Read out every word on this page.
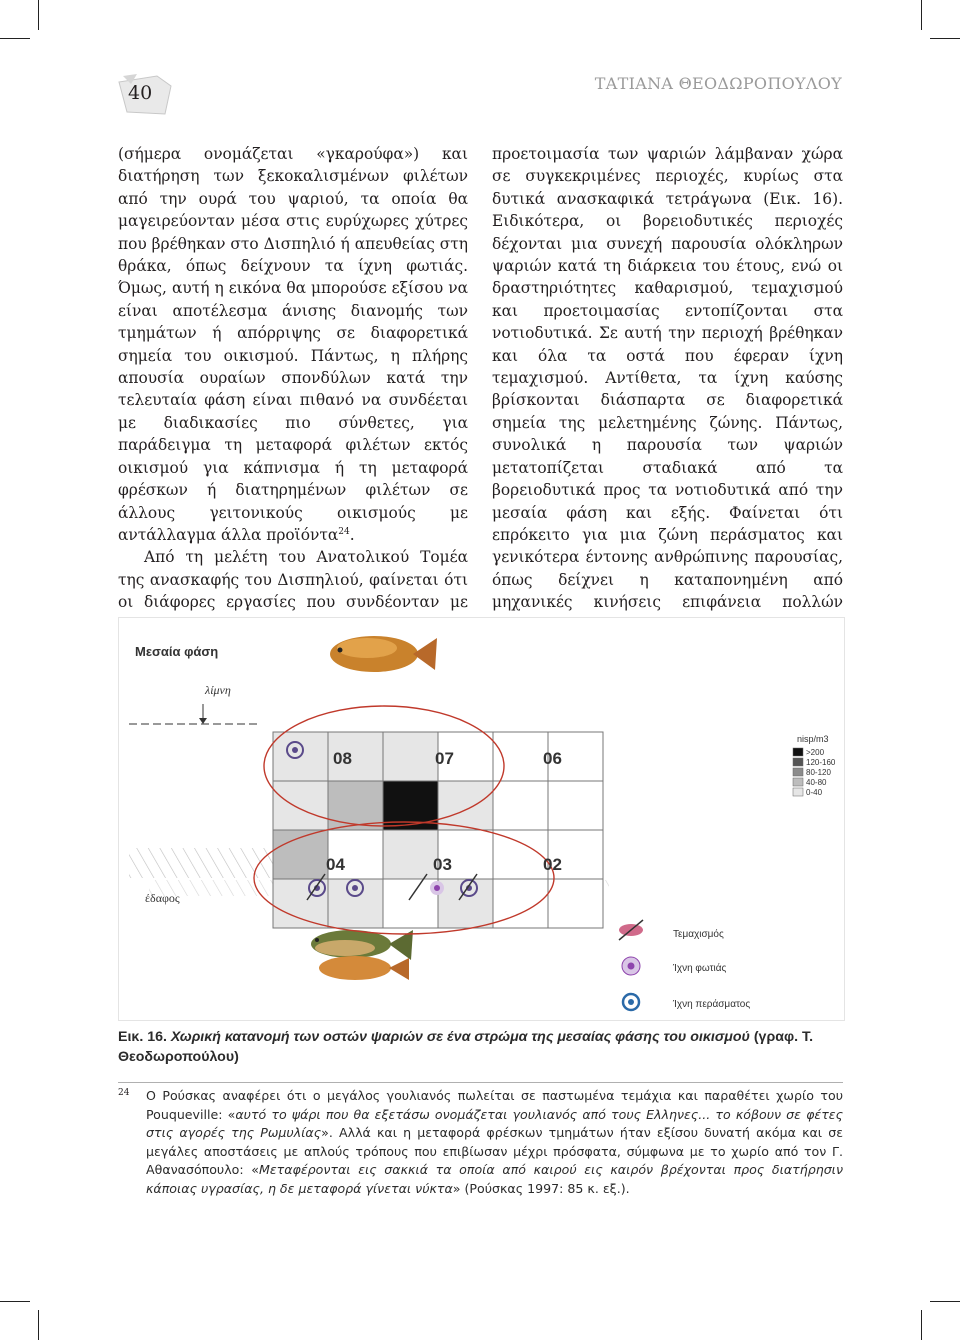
40	ΤΑΤΙΑΝΑ ΘΕΟΔΩΡΟΠΟΥΛΟΥ

(σήμερα ονομάζεται «γκαρούφα») και διατήρηση των ξεκοκαλισμένων φιλέτων από την ουρά του ψαριού, τα οποία θα μαγειρεύονταν μέσα στις ευρύχωρες χύτρες που βρέθηκαν στο Δισπηλιό ή απευθείας στη θράκα, όπως δείχνουν τα ίχνη φωτιάς. Όμως, αυτή η εικόνα θα μπορούσε εξίσου να είναι αποτέλεσμα άνισης διανομής των τμημάτων ή απόρριψης σε διαφορετικά σημεία του οικισμού. Πάντως, η πλήρης απουσία ουραίων σπονδύλων κατά την τελευταία φάση είναι πιθανό να συνδέεται με διαδικασίες πιο σύνθετες, για παράδειγμα τη μεταφορά φιλέτων εκτός οικισμού για κάπνισμα ή τη μεταφορά φρέσκων ή διατηρημένων φιλέτων σε άλλους γειτονικούς οικισμούς με αντάλλαγμα άλλα προϊόντα$^{24}$.

Από τη μελέτη του Ανατολικού Τομέα της ανασκαφής του Δισπηλιού, φαίνεται ότι οι διάφορες εργασίες που συνδέονταν με

προετοιμασία των ψαριών λάμβαναν χώρα σε συγκεκριμένες περιοχές, κυρίως στα δυτικά ανασκαφικά τετράγωνα (Εικ. 16). Ειδικότερα, οι βορειοδυτικές περιοχές δέχονται μια συνεχή παρουσία ολόκληρων ψαριών κατά τη διάρκεια του έτους, ενώ οι δραστηριότητες καθαρισμού, τεμαχισμού και προετοιμασίας εντοπίζονται στα νοτιοδυτικά. Σε αυτή την περιοχή βρέθηκαν και όλα τα οστά που έφεραν ίχνη τεμαχισμού. Αντίθετα, τα ίχνη καύσης βρίσκονται διάσπαρτα σε διαφορετικά σημεία της μελετημένης ζώνης. Πάντως, συνολικά η παρουσία των ψαριών μετατοπίζεται σταδιακά από τα βορειοδυτικά προς τα νοτιοδυτικά από την μεσαία φάση και εξής. Φαίνεται ότι επρόκειτο για μια ζώνη περάσματος και γενικότερα έντονης ανθρώπινης παρουσίας, όπως δείχνει η καταπονημένη από μηχανικές κινήσεις επιφάνεια πολλών

Μεσαία φάση
λίμνη
έδαφος
08	07	06
04	03	02
nisp/m3
>200
120-160
80-120
40-80
0-40
Τεμαχισμός
Ίχνη φωτιάς
Ίχνη περάσματος
Εικ. 16. Χωρική κατανομή των οστών ψαριών σε ένα στρώμα της μεσαίας φάσης του οικισμού (γραφ. Τ. Θεοδωροπούλου)
24 Ο Ρούσκας αναφέρει ότι ο μεγάλος γουλιανός πωλείται σε παστωμένα τεμάχια και παραθέτει χωρίο του Pouqueville: «αυτό το ψάρι που θα εξετάσω ονομάζεται γουλιανός από τους Ελληνες... το κόβουν σε φέτες στις αγορές της Ρωμυλίας». Αλλά και η μεταφορά φρέσκων τμημάτων ήταν εξίσου δυνατή ακόμα και σε μεγάλες αποστάσεις με απλούς τρόπους που επιβίωσαν μέχρι πρόσφατα, σύμφωνα με το χωρίο από τον Γ. Αθανασόπουλο: «Μεταφέρονται εις σακκιά τα οποία από καιρού εις καιρόν βρέχονται προς διατήρησιν κάποιας υγρασίας, η δε μεταφορά γίνεται νύκτα» (Ρούσκας 1997: 85 κ. εξ.).
